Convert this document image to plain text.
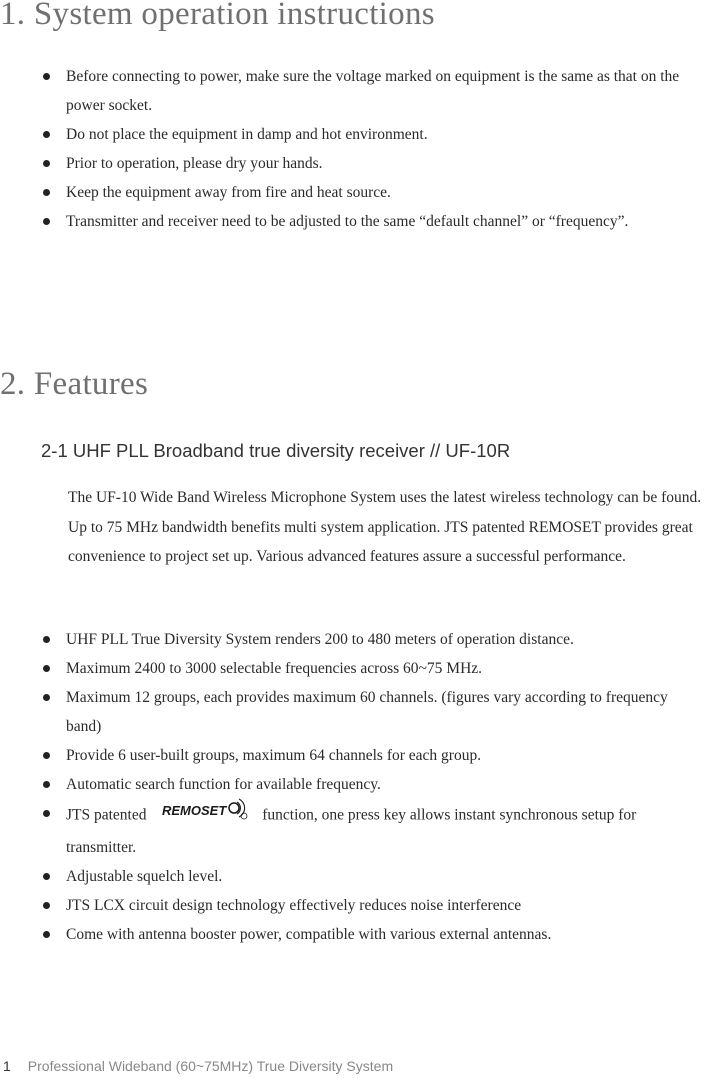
1. System operation instructions
Before connecting to power, make sure the voltage marked on equipment is the same as that on the power socket.
Do not place the equipment in damp and hot environment.
Prior to operation, please dry your hands.
Keep the equipment away from fire and heat source.
Transmitter and receiver need to be adjusted to the same “default channel” or “frequency”.
2. Features
2-1 UHF PLL Broadband true diversity receiver // UF-10R

The UF-10 Wide Band Wireless Microphone System uses the latest wireless technology can be found. Up to 75 MHz bandwidth benefits multi system application. JTS patented REMOSET provides great convenience to project set up. Various advanced features assure a successful performance.

UHF PLL True Diversity System renders 200 to 480 meters of operation distance.
Maximum 2400 to 3000 selectable frequencies across 60~75 MHz.
Maximum 12 groups, each provides maximum 60 channels. (figures vary according to frequency band)
Provide 6 user-built groups, maximum 64 channels for each group.
Automatic search function for available frequency.
JTS patented REMOSET function, one press key allows instant synchronous setup for transmitter.
Adjustable squelch level.
JTS LCX circuit design technology effectively reduces noise interference
Come with antenna booster power, compatible with various external antennas.
1 Professional Wideband (60~75MHz) True Diversity System
